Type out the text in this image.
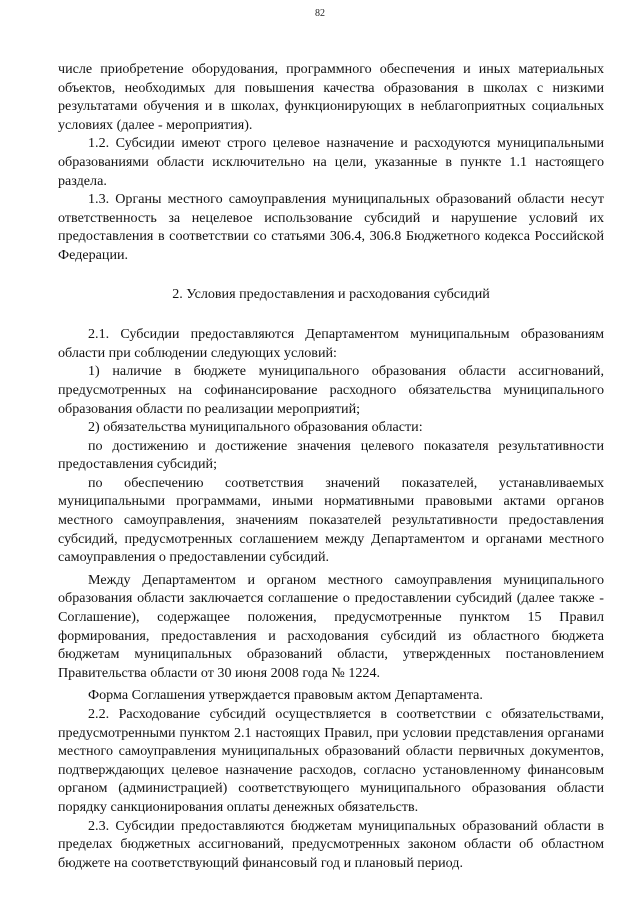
82

числе приобретение оборудования, программного обеспечения и иных материальных объектов, необходимых для повышения качества образования в школах с низкими результатами обучения и в школах, функционирующих в неблагоприятных социальных условиях (далее - мероприятия).

1.2. Субсидии имеют строго целевое назначение и расходуются муниципальными образованиями области исключительно на цели, указанные в пункте 1.1 настоящего раздела.

1.3. Органы местного самоуправления муниципальных образований области несут ответственность за нецелевое использование субсидий и нарушение условий их предоставления в соответствии со статьями 306.4, 306.8 Бюджетного кодекса Российской Федерации.

2. Условия предоставления и расходования субсидий

2.1. Субсидии предоставляются Департаментом муниципальным образованиям области при соблюдении следующих условий:

1) наличие в бюджете муниципального образования области ассигнований, предусмотренных на софинансирование расходного обязательства муниципального образования области по реализации мероприятий;

2) обязательства муниципального образования области:

по достижению и достижение значения целевого показателя результативности предоставления субсидий;

по обеспечению соответствия значений показателей, устанавливаемых муниципальными программами, иными нормативными правовыми актами органов местного самоуправления, значениям показателей результативности предоставления субсидий, предусмотренных соглашением между Департаментом и органами местного самоуправления о предоставлении субсидий.

Между Департаментом и органом местного самоуправления муниципального образования области заключается соглашение о предоставлении субсидий (далее также - Соглашение), содержащее положения, предусмотренные пунктом 15 Правил формирования, предоставления и расходования субсидий из областного бюджета бюджетам муниципальных образований области, утвержденных постановлением Правительства области от 30 июня 2008 года № 1224.

Форма Соглашения утверждается правовым актом Департамента.

2.2. Расходование субсидий осуществляется в соответствии с обязательствами, предусмотренными пунктом 2.1 настоящих Правил, при условии представления органами местного самоуправления муниципальных образований области первичных документов, подтверждающих целевое назначение расходов, согласно установленному финансовым органом (администрацией) соответствующего муниципального образования области порядку санкционирования оплаты денежных обязательств.

2.3. Субсидии предоставляются бюджетам муниципальных образований области в пределах бюджетных ассигнований, предусмотренных законом области об областном бюджете на соответствующий финансовый год и плановый период.
